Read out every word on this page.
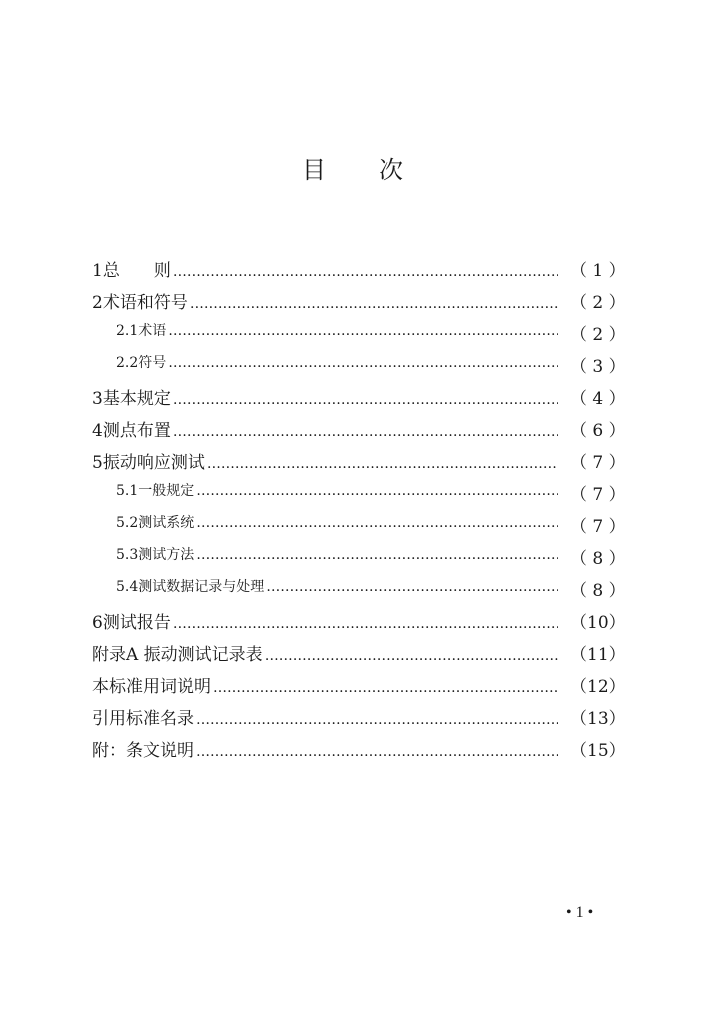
目 次
1 总　　则 …………………………………………………………………………………………………………………………………………………………………………………………………………	（ 1 ）
2 术语和符号 …………………………………………………………………………………………………………………………………………………………………………………………………………	（ 2 ）
2.1 术语 …………………………………………………………………………………………………………………………………………………………………………………………………………	（ 2 ）
2.2 符号 …………………………………………………………………………………………………………………………………………………………………………………………………………	（ 3 ）
3 基本规定 …………………………………………………………………………………………………………………………………………………………………………………………………………	（ 4 ）
4 测点布置 …………………………………………………………………………………………………………………………………………………………………………………………………………	（ 6 ）
5 振动响应测试 …………………………………………………………………………………………………………………………………………………………………………………………………………	（ 7 ）
5.1 一般规定 …………………………………………………………………………………………………………………………………………………………………………………………………………	（ 7 ）
5.2 测试系统 …………………………………………………………………………………………………………………………………………………………………………………………………………	（ 7 ）
5.3 测试方法 …………………………………………………………………………………………………………………………………………………………………………………………………………	（ 8 ）
5.4 测试数据记录与处理 …………………………………………………………………………………………………………………………………………………………………………………………………………	（ 8 ）
6 测试报告 …………………………………………………………………………………………………………………………………………………………………………………………………………	（10）
附录A 振动测试记录表 …………………………………………………………………………………………………………………………………………………………………………………………………………	（11）
本标准用词说明 …………………………………………………………………………………………………………………………………………………………………………………………………………	（12）
引用标准名录 …………………………………………………………………………………………………………………………………………………………………………………………………………	（13）
附：条文说明 …………………………………………………………………………………………………………………………………………………………………………………………………………	（15）
• 1 •
